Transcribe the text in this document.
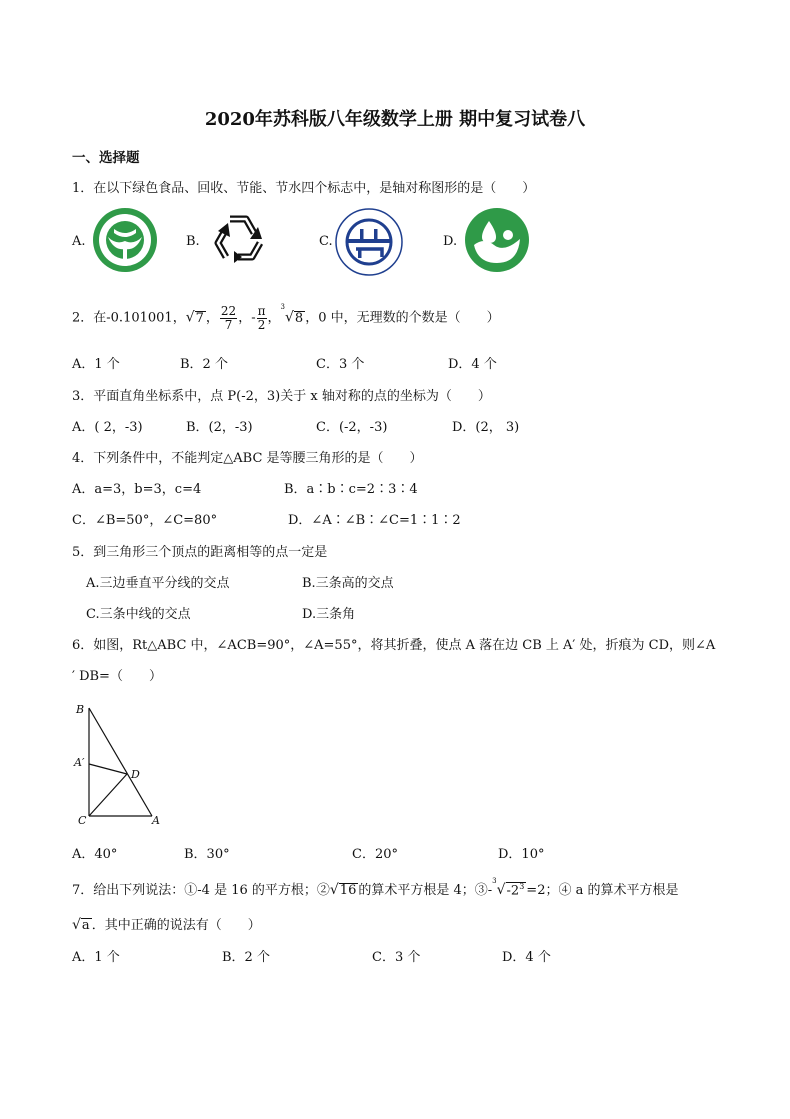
2020年苏科版八年级数学上册 期中复习试卷八
一、选择题
1．在以下绿色食品、回收、节能、节水四个标志中，是轴对称图形的是（　　）
A.	B.	C.	D.
2．在-0.101001，√7 ， $\frac{22}{7}$ ，- $\frac{\pi}{2}$ ，$^3$√8 ，0 中，无理数的个数是（　　）
A．1 个	B．2 个	C．3 个	D．4 个
3．平面直角坐标系中，点 P(-2，3)关于 x 轴对称的点的坐标为（　　）
A．( 2，-3)	B．(2，-3)	C．(-2，-3)	D．(2， 3)
4．下列条件中，不能判定△ABC 是等腰三角形的是（　　）
A．a=3，b=3，c=4	B．a∶b∶c=2∶3∶4
C．∠B=50°，∠C=80°	D．∠A∶∠B∶∠C=1∶1∶2
5．到三角形三个顶点的距离相等的点一定是
A.三边垂直平分线的交点	B.三条高的交点
C.三条中线的交点	D.三条角
6．如图，Rt△ABC 中，∠ACB=90°，∠A=55°，将其折叠，使点 A 落在边 CB 上 A′ 处，折痕为 CD，则∠A
′ DB=（　　）
B
A′
D
C	A
A．40°	B．30°	C．20°	D．10°
7．给出下列说法：①-4 是 16 的平方根；②√16 的算术平方根是 4；$③-^3√-2^3 =2$；④ a 的算术平方根是
√a ．其中正确的说法有（　　）
A．1 个	B．2 个	C．3 个	D．4 个
